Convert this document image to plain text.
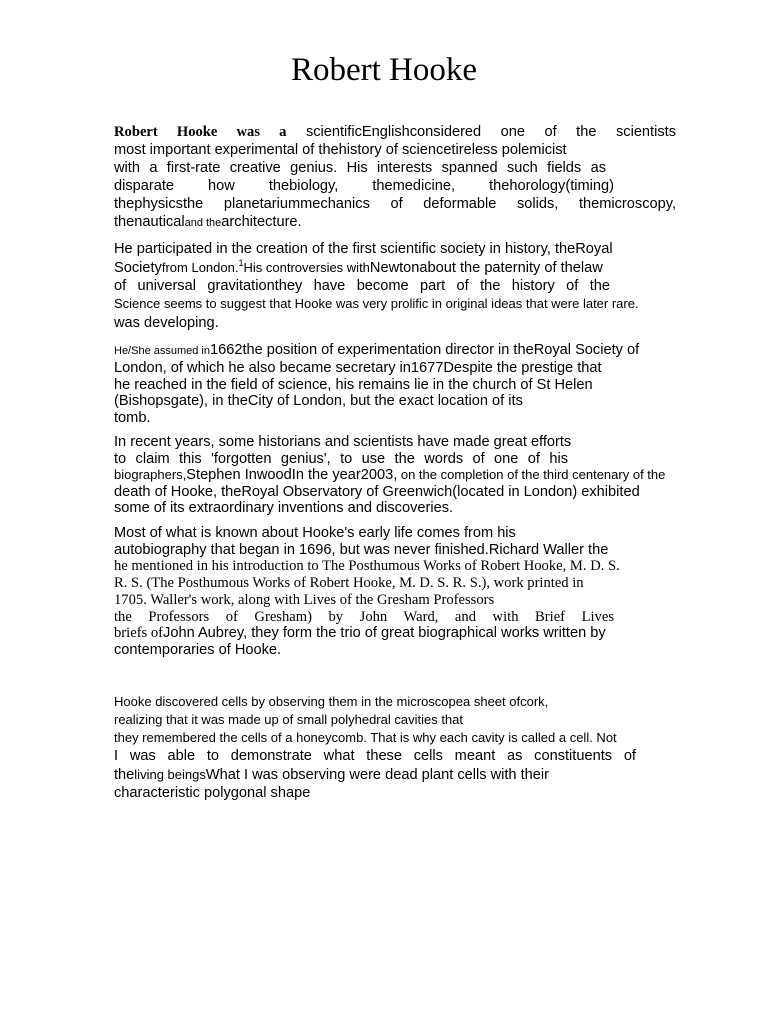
Robert Hooke
Robert Hooke was a scientificEnglishconsidered one of the scientists
most important experimental of thehistory of sciencetireless polemicist
with a first-rate creative genius. His interests spanned such fields as
disparate how thebiology, themedicine, thehorology(timing)
thephysicsthe planetariummechanics of deformable solids, themicroscopy,
thenauticaland thearchitecture.
He participated in the creation of the first scientific society in history, theRoyal
Societyfrom London.$^1$His controversies withNewtonabout the paternity of thelaw
of universal gravitationthey have become part of the history of the
Science seems to suggest that Hooke was very prolific in original ideas that were later rare.
was developing.
He/She assumed in1662the position of experimentation director in theRoyal Society of
London, of which he also became secretary in1677Despite the prestige that
he reached in the field of science, his remains lie in the church of St Helen
(Bishopsgate), in theCity of London, but the exact location of its
tomb.
In recent years, some historians and scientists have made great efforts
to claim this 'forgotten genius', to use the words of one of his
biographers,Stephen InwoodIn the year2003, on the completion of the third centenary of the
death of Hooke, theRoyal Observatory of Greenwich(located in London) exhibited
some of its extraordinary inventions and discoveries.
Most of what is known about Hooke's early life comes from his
autobiography that began in 1696, but was never finished.Richard Waller the
he mentioned in his introduction to The Posthumous Works of Robert Hooke, M. D. S.
R. S. (The Posthumous Works of Robert Hooke, M. D. S. R. S.), work printed in
1705. Waller's work, along with Lives of the Gresham Professors
the Professors of Gresham) by John Ward, and with Brief Lives
briefs ofJohn Aubrey, they form the trio of great biographical works written by
contemporaries of Hooke.
Hooke discovered cells by observing them in the microscopea sheet ofcork,
realizing that it was made up of small polyhedral cavities that
they remembered the cells of a honeycomb. That is why each cavity is called a cell. Not
I was able to demonstrate what these cells meant as constituents of
theliving beingsWhat I was observing were dead plant cells with their
characteristic polygonal shape
